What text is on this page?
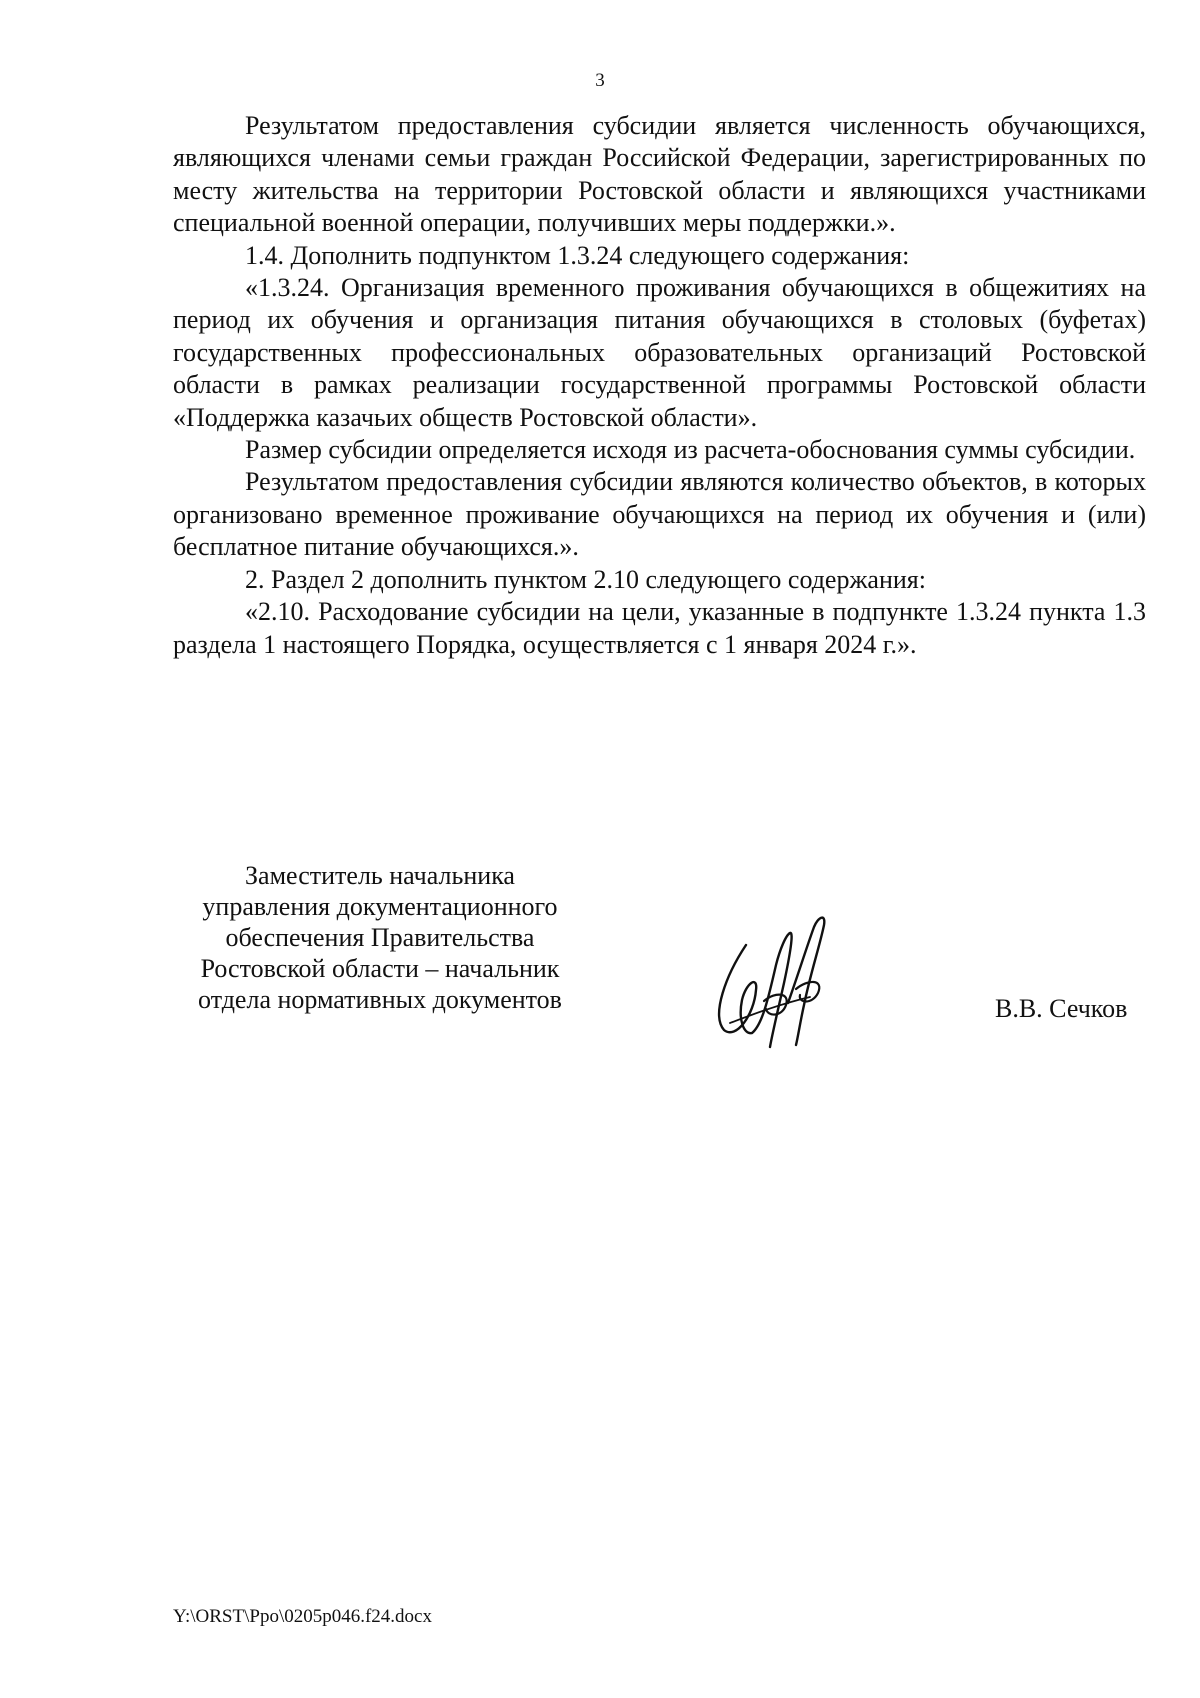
3

Результатом предоставления субсидии является численность обучающихся, являющихся членами семьи граждан Российской Федерации, зарегистрированных по месту жительства на территории Ростовской области и являющихся участниками специальной военной операции, получивших меры поддержки.».

1.4. Дополнить подпунктом 1.3.24 следующего содержания:

«1.3.24. Организация временного проживания обучающихся в общежитиях на период их обучения и организация питания обучающихся в столовых (буфетах) государственных профессиональных образовательных организаций Ростовской области в рамках реализации государственной программы Ростовской области «Поддержка казачьих обществ Ростовской области».

Размер субсидии определяется исходя из расчета-обоснования суммы субсидии.

Результатом предоставления субсидии являются количество объектов, в которых организовано временное проживание обучающихся на период их обучения и (или) бесплатное питание обучающихся.».

2. Раздел 2 дополнить пунктом 2.10 следующего содержания:

«2.10. Расходование субсидии на цели, указанные в подпункте 1.3.24 пункта 1.3 раздела 1 настоящего Порядка, осуществляется с 1 января 2024 г.».

Заместитель начальника
управления документационного
обеспечения Правительства
Ростовской области – начальник
отдела нормативных документов	В.В. Сечков
Y:\ORST\Ppo\0205p046.f24.docx
